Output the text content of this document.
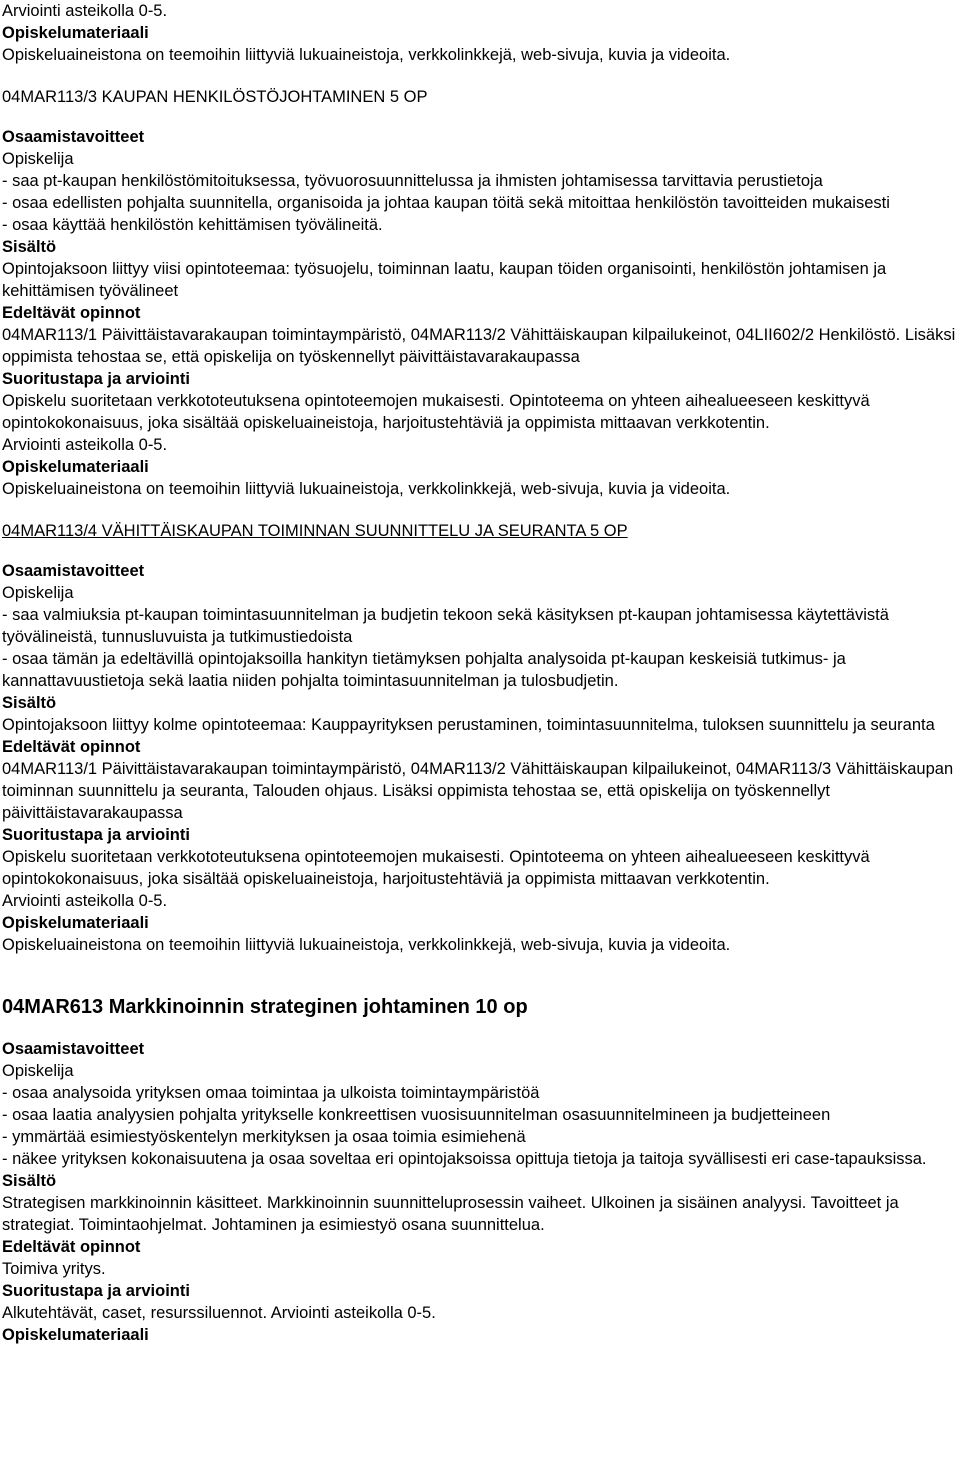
Arviointi asteikolla 0-5.

Opiskelumateriaali

Opiskeluaineistona on teemoihin liittyviä lukuaineistoja, verkkolinkkejä, web-sivuja, kuvia ja videoita.

04MAR113/3 KAUPAN HENKILÖSTÖJOHTAMINEN 5 OP

Osaamistavoitteet

Opiskelija

- saa pt-kaupan henkilöstömitoituksessa, työvuorosuunnittelussa ja ihmisten johtamisessa tarvittavia perustietoja

- osaa edellisten pohjalta suunnitella, organisoida ja johtaa kaupan töitä sekä mitoittaa henkilöstön tavoitteiden mukaisesti

- osaa käyttää henkilöstön kehittämisen työvälineitä.

Sisältö

Opintojaksoon liittyy viisi opintoteemaa: työsuojelu, toiminnan laatu, kaupan töiden organisointi, henkilöstön johtamisen ja kehittämisen työvälineet

Edeltävät opinnot

04MAR113/1 Päivittäistavarakaupan toimintaympäristö, 04MAR113/2 Vähittäiskaupan kilpailukeinot, 04LII602/2 Henkilöstö. Lisäksi oppimista tehostaa se, että opiskelija on työskennellyt päivittäistavarakaupassa

Suoritustapa ja arviointi

Opiskelu suoritetaan verkkototeutuksena opintoteemojen mukaisesti. Opintoteema on yhteen aihealueeseen keskittyvä opintokokonaisuus, joka sisältää opiskeluaineistoja, harjoitustehtäviä ja oppimista mittaavan verkkotentin.

Arviointi asteikolla 0-5.

Opiskelumateriaali

Opiskeluaineistona on teemoihin liittyviä lukuaineistoja, verkkolinkkejä, web-sivuja, kuvia ja videoita.

04MAR113/4 VÄHITTÄISKAUPAN TOIMINNAN SUUNNITTELU JA SEURANTA 5 OP

Osaamistavoitteet

Opiskelija

- saa valmiuksia pt-kaupan toimintasuunnitelman ja budjetin tekoon sekä käsityksen pt-kaupan johtamisessa käytettävistä työvälineistä, tunnusluvuista ja tutkimustiedoista

- osaa tämän ja edeltävillä opintojaksoilla hankityn tietämyksen pohjalta analysoida pt-kaupan keskeisiä tutkimus- ja kannattavuustietoja sekä laatia niiden pohjalta toimintasuunnitelman ja tulosbudjetin.

Sisältö

Opintojaksoon liittyy kolme opintoteemaa: Kauppayrityksen perustaminen, toimintasuunnitelma, tuloksen suunnittelu ja seuranta

Edeltävät opinnot

04MAR113/1 Päivittäistavarakaupan toimintaympäristö, 04MAR113/2 Vähittäiskaupan kilpailukeinot, 04MAR113/3 Vähittäiskaupan toiminnan suunnittelu ja seuranta, Talouden ohjaus. Lisäksi oppimista tehostaa se, että opiskelija on työskennellyt päivittäistavarakaupassa

Suoritustapa ja arviointi

Opiskelu suoritetaan verkkototeutuksena opintoteemojen mukaisesti. Opintoteema on yhteen aihealueeseen keskittyvä opintokokonaisuus, joka sisältää opiskeluaineistoja, harjoitustehtäviä ja oppimista mittaavan verkkotentin.

Arviointi asteikolla 0-5.

Opiskelumateriaali

Opiskeluaineistona on teemoihin liittyviä lukuaineistoja, verkkolinkkejä, web-sivuja, kuvia ja videoita.

04MAR613 Markkinoinnin strateginen johtaminen 10 op

Osaamistavoitteet

Opiskelija

- osaa analysoida yrityksen omaa toimintaa ja ulkoista toimintaympäristöä

- osaa laatia analyysien pohjalta yritykselle konkreettisen vuosisuunnitelman osasuunnitelmineen ja budjetteineen

- ymmärtää esimiestyöskentelyn merkityksen ja osaa toimia esimiehenä

- näkee yrityksen kokonaisuutena ja osaa soveltaa eri opintojaksoissa opittuja tietoja ja taitoja syvällisesti eri case-tapauksissa.

Sisältö

Strategisen markkinoinnin käsitteet. Markkinoinnin suunnitteluprosessin vaiheet. Ulkoinen ja sisäinen analyysi. Tavoitteet ja strategiat. Toimintaohjelmat. Johtaminen ja esimiestyö osana suunnittelua.

Edeltävät opinnot

Toimiva yritys.

Suoritustapa ja arviointi

Alkutehtävät, caset, resurssiluennot. Arviointi asteikolla 0-5.

Opiskelumateriaali
